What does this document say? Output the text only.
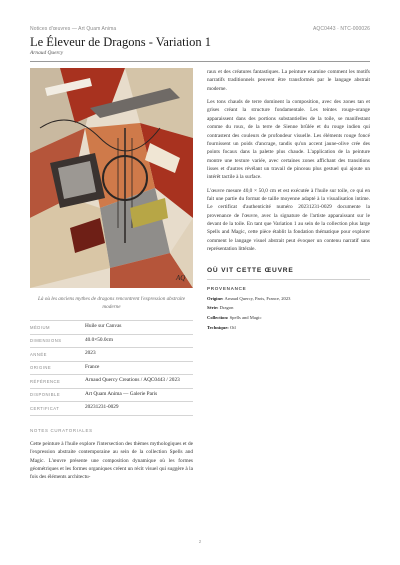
Notices d'œuvres — Art Quam Anima	AQC0443 · NTC-000026
Le Éleveur de Dragons - Variation 1
Arnaud Quercy
AQ

Là où les anciens mythes de dragons rencontrent l'expression abstraite moderne

MÉDIUM	Huile sur Canvas
DIMENSIONS	40.0×50.0cm
ANNÉE	2023
ORIGINE	France
RÉFÉRENCE	Arnaud Quercy Creations / AQC0443 / 2023
DISPONIBLE	Art Quam Anima — Galerie Paris
CERTIFICAT	20231231-0029
NOTES CURATORIALES

Cette peinture à l'huile explore l'intersection des thèmes mythologiques et de l'expression abstraite contemporaine au sein de la collection Spells and Magic. L'œuvre présente une composition dynamique où les formes géométriques et les formes organiques créent un récit visuel qui suggère à la fois des éléments architectu-

raux et des créatures fantastiques. La peinture examine comment les motifs narratifs traditionnels peuvent être transformés par le langage abstrait moderne.

Les tons chauds de terre dominent la composition, avec des zones tan et grises créant la structure fondamentale. Les teintes rouge-orange apparaissent dans des portions substantielles de la toile, se manifestant comme du roux, de la terre de Sienne brûlée et du rouge indien qui contrastent des couleurs de profondeur visuelle. Les éléments rouge foncé fournissent un poids d'ancrage, tandis qu'un accent jaune-olive crée des points focaux dans la palette plus chaude. L'application de la peinture montre une texture variée, avec certaines zones affichant des transitions lisses et d'autres révélant un travail de pinceau plus gestuel qui ajoute un intérêt tactile à la surface.

L'œuvre mesure 40,0 × 50,0 cm et est exécutée à l'huile sur toile, ce qui en fait une partie du format de taille moyenne adapté à la visualisation intime. Le certificat d'authenticité numéro 20231231-0029 documente la provenance de l'œuvre, avec la signature de l'artiste apparaissant sur le devant de la toile. En tant que Variation 1 au sein de la collection plus large Spells and Magic, cette pièce établit la fondation thématique pour explorer comment le langage visuel abstrait peut évoquer un contenu narratif sans représentation littérale.

OÙ VIT CETTE ŒUVRE
PROVENANCE
Origine: Arnaud Quercy, Paris, France, 2023
Série: Dragon
Collection: Spells and Magic
Technique: Oil
2
